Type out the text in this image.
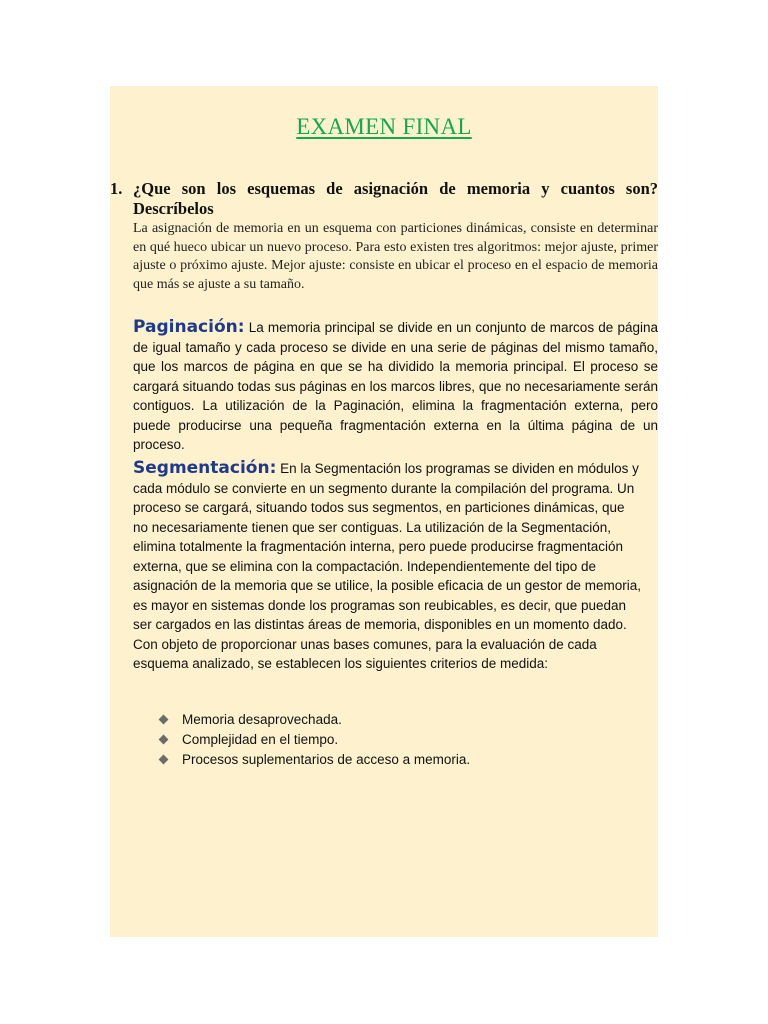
EXAMEN FINAL
1. ¿Que son los esquemas de asignación de memoria y cuantos son? Descríbelos
La asignación de memoria en un esquema con particiones dinámicas, consiste en determinar en qué hueco ubicar un nuevo proceso. Para esto existen tres algoritmos: mejor ajuste, primer ajuste o próximo ajuste. Mejor ajuste: consiste en ubicar el proceso en el espacio de memoria que más se ajuste a su tamaño.
Paginación: La memoria principal se divide en un conjunto de marcos de página de igual tamaño y cada proceso se divide en una serie de páginas del mismo tamaño, que los marcos de página en que se ha dividido la memoria principal. El proceso se cargará situando todas sus páginas en los marcos libres, que no necesariamente serán contiguos. La utilización de la Paginación, elimina la fragmentación externa, pero puede producirse una pequeña fragmentación externa en la última página de un proceso.
Segmentación: En la Segmentación los programas se dividen en módulos y cada módulo se convierte en un segmento durante la compilación del programa. Un proceso se cargará, situando todos sus segmentos, en particiones dinámicas, que no necesariamente tienen que ser contiguas. La utilización de la Segmentación, elimina totalmente la fragmentación interna, pero puede producirse fragmentación externa, que se elimina con la compactación. Independientemente del tipo de asignación de la memoria que se utilice, la posible eficacia de un gestor de memoria, es mayor en sistemas donde los programas son reubicables, es decir, que puedan ser cargados en las distintas áreas de memoria, disponibles en un momento dado. Con objeto de proporcionar unas bases comunes, para la evaluación de cada esquema analizado, se establecen los siguientes criterios de medida:
Memoria desaprovechada.
Complejidad en el tiempo.
Procesos suplementarios de acceso a memoria.
